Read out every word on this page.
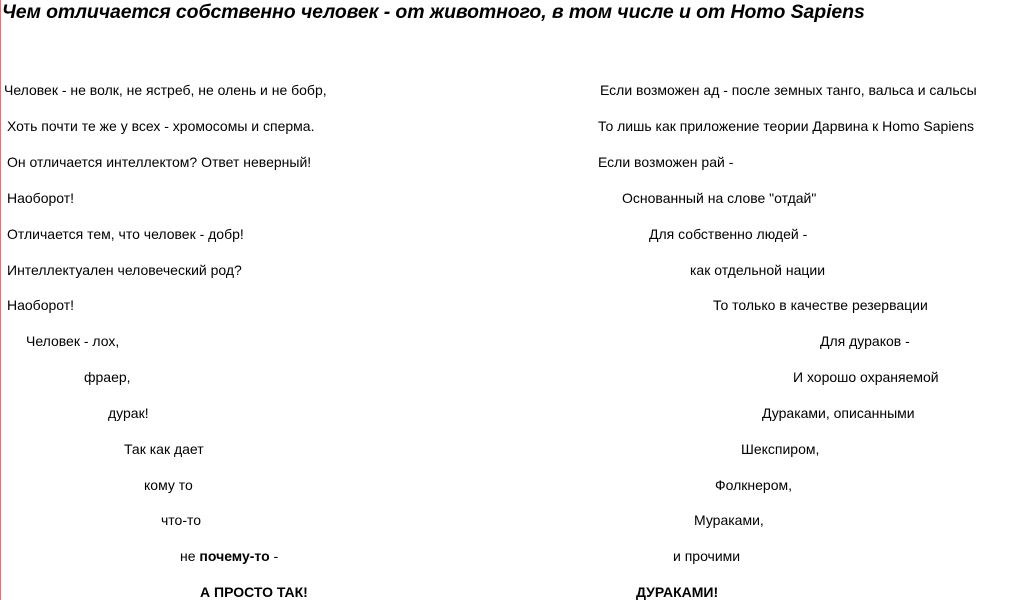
Чем отличается собственно человек - от животного, в том числе и от Homo Sapiens
Человек - не волк, не ястреб, не олень и не бобр,
Хоть почти те же у всех - хромосомы и сперма.
Он отличается интеллектом? Ответ неверный!
Наоборот!
Отличается тем, что человек - добр!
Интеллектуален человеческий род?
Наоборот!
Человек - лох,
фраер,
дурак!
Так как дает
кому то
что-то
не почему-то -
А ПРОСТО ТАК!
Если возможен ад - после земных танго, вальса и сальсы
То лишь как приложение теории Дарвина к Homo Sapiens
Если возможен рай -
Основанный на слове "отдай"
Для собственно людей -
как отдельной нации
То только в качестве резервации
Для дураков -
И хорошо охраняемой
Дураками, описанными
Шекспиром,
Фолкнером,
Мураками,
и прочими
ДУРАКАМИ!
